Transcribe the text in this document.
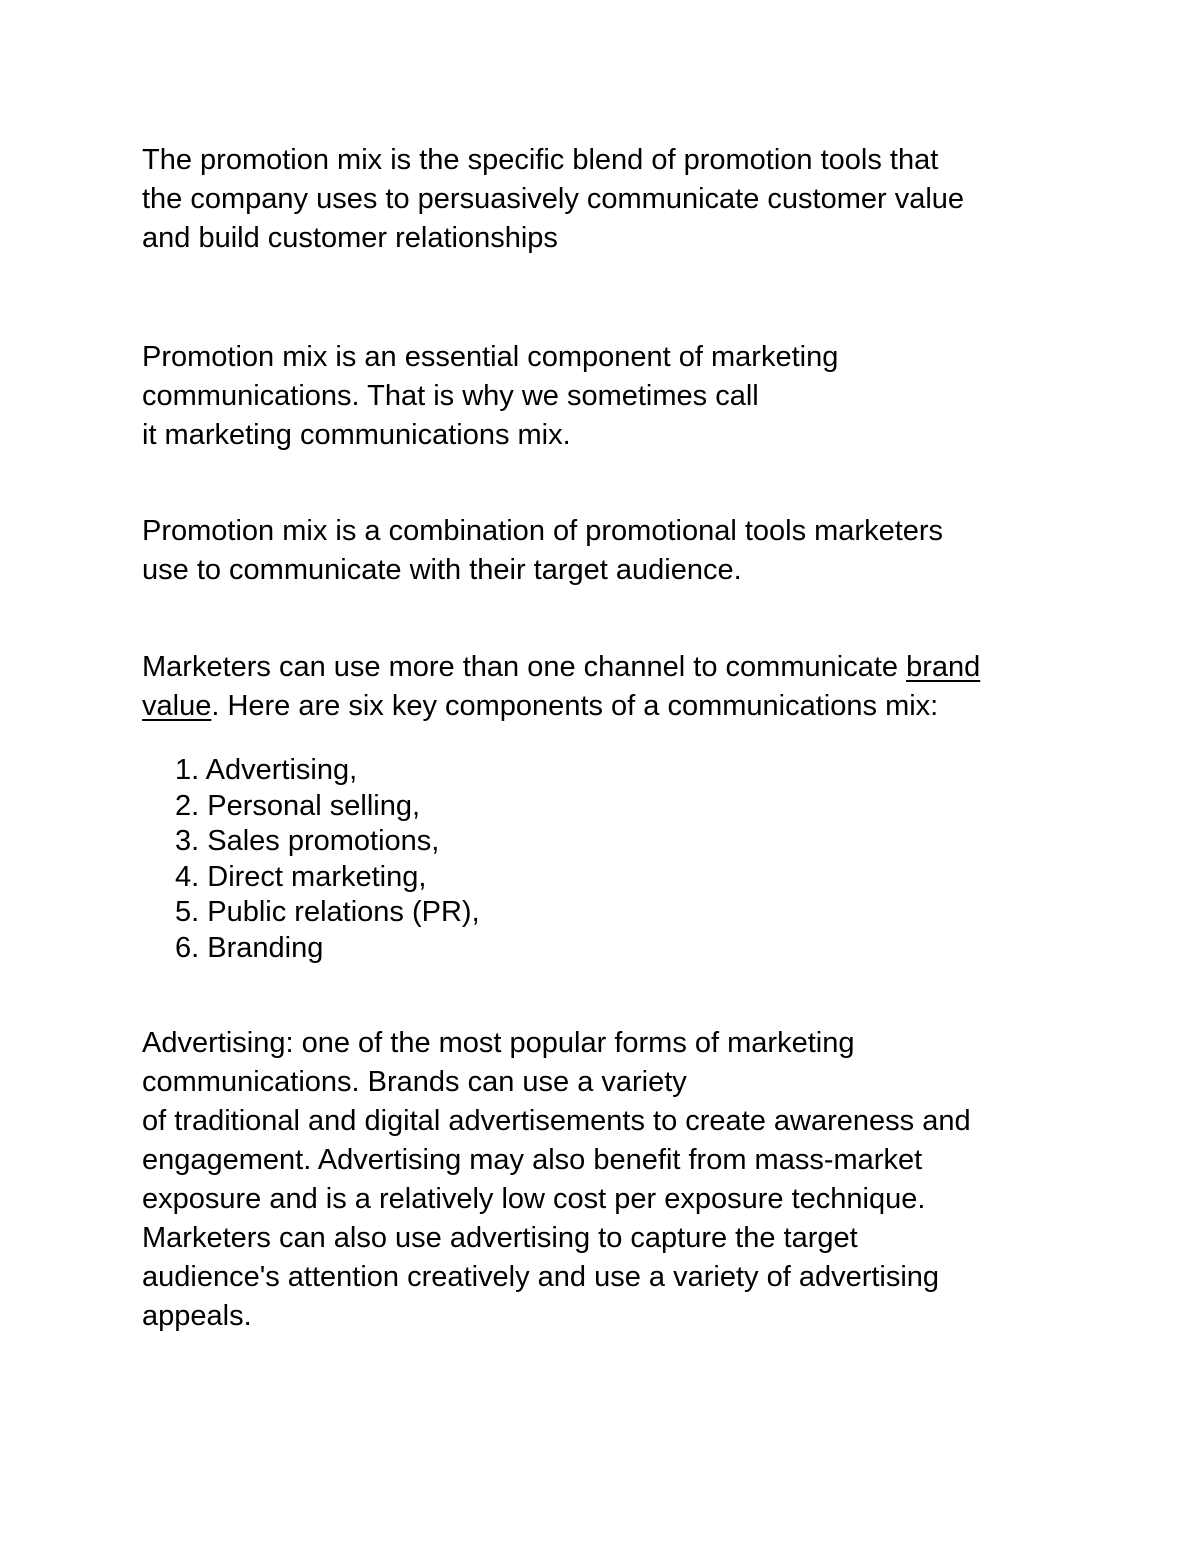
The promotion mix is the specific blend of promotion tools that
the company uses to persuasively communicate customer value
and build customer relationships

Promotion mix is an essential component of marketing
communications. That is why we sometimes call
it marketing communications mix.

Promotion mix is a combination of promotional tools marketers
use to communicate with their target audience.

Marketers can use more than one channel to communicate brand
value. Here are six key components of a communications mix:

1. Advertising,
2. Personal selling,
3. Sales promotions,
4. Direct marketing,
5. Public relations (PR),
6. Branding

Advertising: one of the most popular forms of marketing
communications. Brands can use a variety
of traditional and digital advertisements to create awareness and
engagement. Advertising may also benefit from mass-market
exposure and is a relatively low cost per exposure technique.
Marketers can also use advertising to capture the target
audience's attention creatively and use a variety of advertising
appeals.
